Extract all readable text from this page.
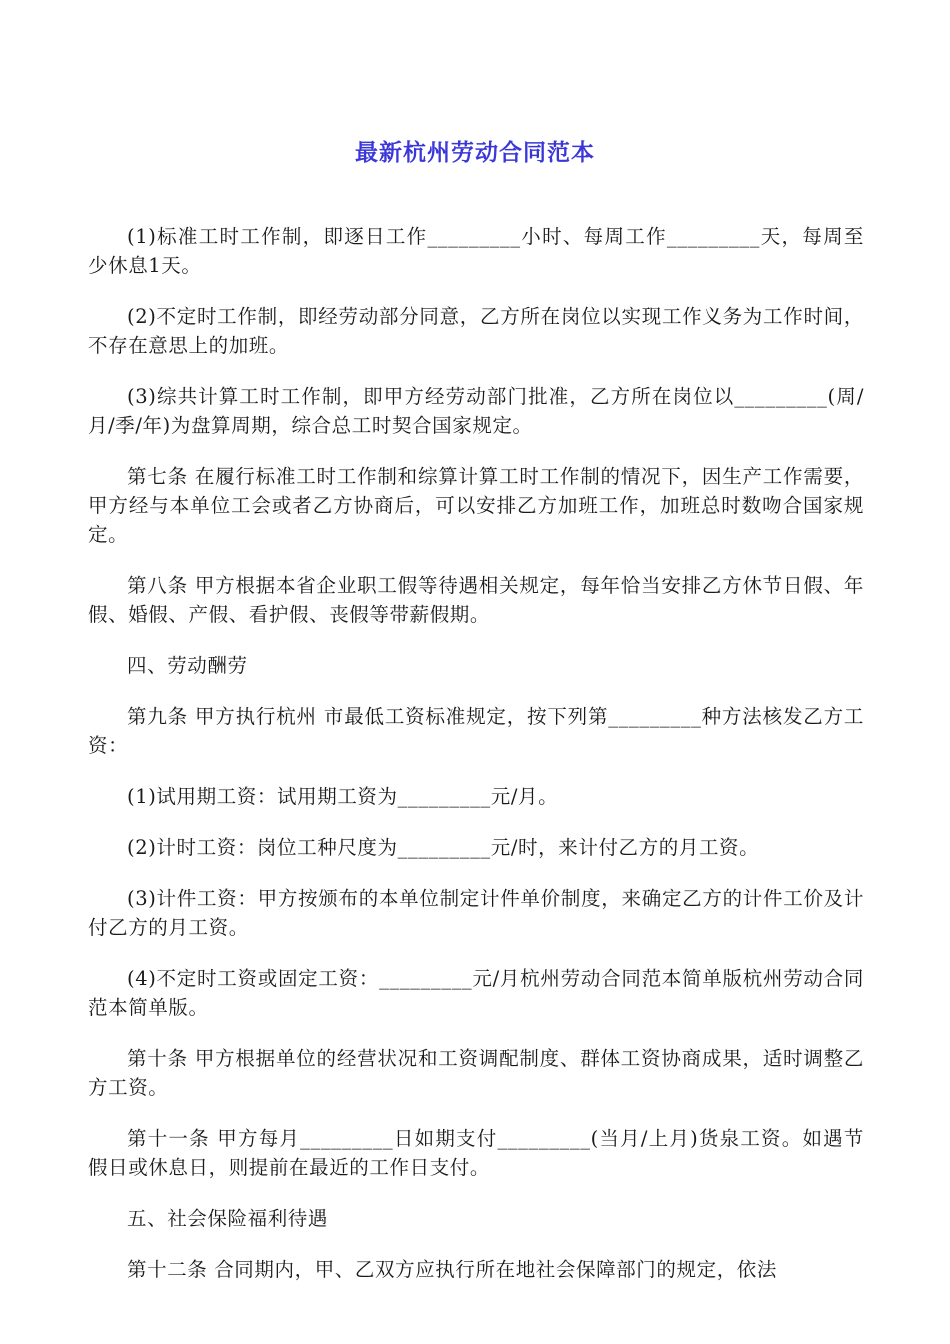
最新杭州劳动合同范本

(1)标准工时工作制，即逐日工作_________小时、每周工作_________天，每周至少休息1天。

(2)不定时工作制，即经劳动部分同意，乙方所在岗位以实现工作义务为工作时间，不存在意思上的加班。

(3)综共计算工时工作制，即甲方经劳动部门批准，乙方所在岗位以_________(周/月/季/年)为盘算周期，综合总工时契合国家规定。

第七条 在履行标准工时工作制和综算计算工时工作制的情况下，因生产工作需要，甲方经与本单位工会或者乙方协商后，可以安排乙方加班工作，加班总时数吻合国家规定。

第八条 甲方根据本省企业职工假等待遇相关规定，每年恰当安排乙方休节日假、年假、婚假、产假、看护假、丧假等带薪假期。

四、劳动酬劳

第九条 甲方执行杭州 市最低工资标准规定，按下列第_________种方法核发乙方工资：

(1)试用期工资：试用期工资为_________元/月。

(2)计时工资：岗位工种尺度为_________元/时，来计付乙方的月工资。

(3)计件工资：甲方按颁布的本单位制定计件单价制度，来确定乙方的计件工价及计付乙方的月工资。

(4)不定时工资或固定工资：_________元/月杭州劳动合同范本简单版杭州劳动合同范本简单版。

第十条 甲方根据单位的经营状况和工资调配制度、群体工资协商成果，适时调整乙方工资。

第十一条 甲方每月_________日如期支付_________(当月/上月)货泉工资。如遇节假日或休息日，则提前在最近的工作日支付。

五、社会保险福利待遇

第十二条 合同期内，甲、乙双方应执行所在地社会保障部门的规定，依法
